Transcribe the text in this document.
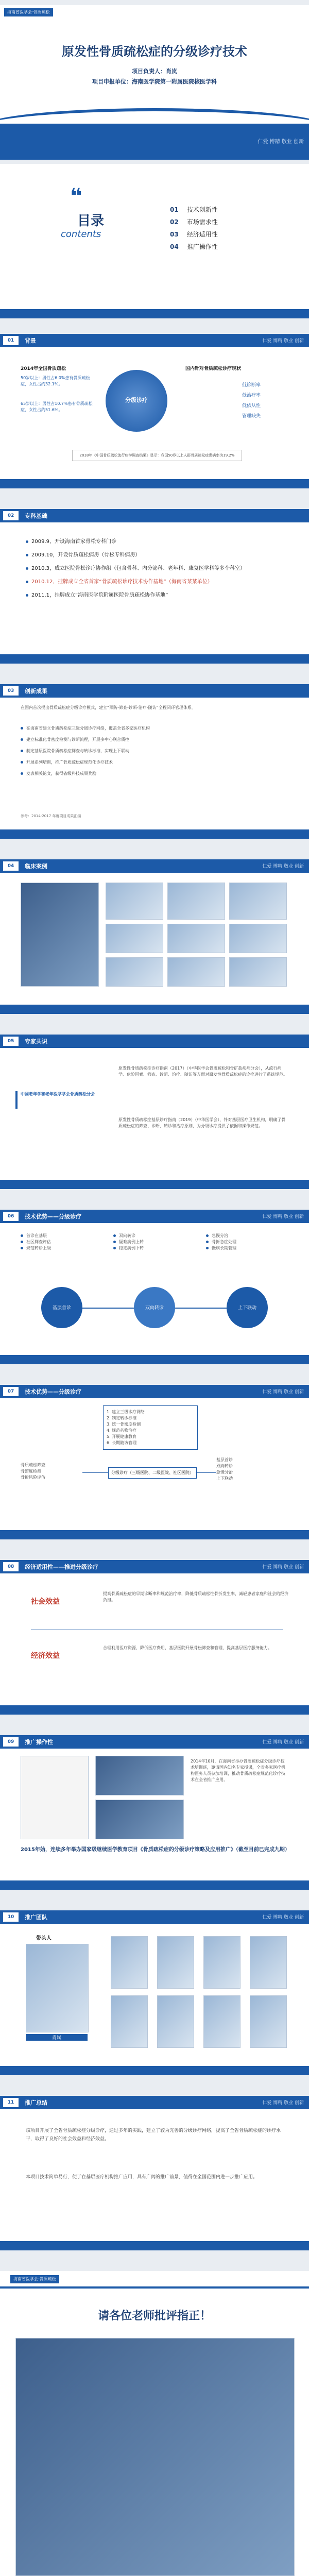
海南省医学会·骨质疏松
原发性骨质疏松症的分级诊疗技术
项目负责人：肖岚
项目申报单位：海南医学院第一附属医院核医学科
仁爱 博精 敬业 创新
❝
目录
contents
01 技术创新性
02 市场需求性
03 经济适用性
04 推广操作性
01	背景	仁爱 博精 敬业 创新
2014年全国骨质疏松
50岁以上：男性占6.0%患有骨质疏松症，女性占约32.1%。
65岁以上：男性占10.7%患有骨质疏松症，女性占约51.6%。
分级诊疗
国内针对骨质疏松诊疗现状
低诊断率
低治疗率
低依从性
管理缺失
2018年《中国骨质疏松流行病学调查结果》显示：我国50岁以上人群骨质疏松症患病率为19.2%
02	专科基础
2009.9，开设海南首家骨松专科门诊
2009.10，开设骨质疏松病房（骨松专科病房）
2010.3，成立医院骨松诊疗协作组（包含骨科、内分泌科、老年科、康复医学科等多个科室）
2010.12，挂牌成立全省首家“骨质疏松诊疗技术协作基地”（海南省某某单位）
2011.1，挂牌成立“海南医学院附属医院骨质疏松协作基地”
03	创新成果
在国内首次提出骨质疏松症分级诊疗模式，建立“预防-筛查-诊断-治疗-随访”全程闭环管理体系。
在海南省建立骨质疏松症三级分级诊疗网络，覆盖全省多家医疗机构
建立标准化骨密度检测与诊断流程，开展多中心联合质控
制定基层医院骨质疏松症筛查与转诊标准，实现上下联动
开展系列培训，推广骨质疏松症规范化诊疗技术
发表相关论文，获得省级科技成果奖励
参考：2014-2017 年度项目成果汇编
04	临床案例	仁爱 博精 敬业 创新
05	专家共识
中国老年学和老年医学学会骨质疏松分会
原发性骨质疏松症诊疗指南（2017）（中华医学会骨质疏松和骨矿盐疾病分会），从流行病学、危险因素、筛查、诊断、治疗、随访等方面对原发性骨质疏松症的诊疗进行了系统规范。
原发性骨质疏松症基层诊疗指南（2019）（中华医学会），针对基层医疗卫生机构，明确了骨质疏松症的筛查、诊断、转诊和治疗原则，为分级诊疗提供了依据和操作规范。
06	技术优势——分级诊疗	仁爱 博精 敬业 创新
首诊在基层
社区筛查评估
规范转诊上级
双向转诊
疑难病例上转
稳定病例下转
急慢分治
骨折急症处理
慢病长期管理
基层首诊	双向转诊	上下联动
07	技术优势——分级诊疗	仁爱 博精 敬业 创新
1. 建立三级诊疗网络
2. 制定转诊标准
3. 统一骨密度检测
4. 规范药物治疗
5. 开展健康教育
6. 长期随访管理
分级诊疗（三级医院、二级医院、社区医院）
骨质疏松筛查
骨密度检测
骨折风险评估
基层首诊
双向转诊
急慢分治
上下联动
08	经济适用性——推进分级诊疗	仁爱 博精 敬业 创新
社会效益
提高骨质疏松症的早期诊断率和规范治疗率，降低骨质疏松性骨折发生率，减轻患者家庭和社会的经济负担。
经济效益
合理利用医疗资源，降低医疗费用，基层医院开展骨松筛查和管理，提高基层医疗服务能力。
09	推广操作性	仁爱 博精 敬业 创新
2014年10月，在海南省举办骨质疏松症分级诊疗技术培训班，邀请国内知名专家授课，全省多家医疗机构医务人员参加培训，推动骨质疏松症规范化诊疗技术在全省推广应用。
2015年始，连续多年举办国家级继续医学教育项目《骨质疏松症的分级诊疗策略及应用推广》（截至目前已完成九期）
10	推广团队	仁爱 博精 敬业 创新
带头人
肖岚
11	推广总结	仁爱 博精 敬业 创新
该项目开展了全省骨质疏松症分级诊疗，通过多年的实践，建立了较为完善的分级诊疗网络，提高了全省骨质疏松症的诊疗水平，取得了良好的社会效益和经济效益。
本项目技术简单易行，便于在基层医疗机构推广应用，具有广阔的推广前景，值得在全国范围内进一步推广应用。
海南省医学会·骨质疏松
请各位老师批评指正！
